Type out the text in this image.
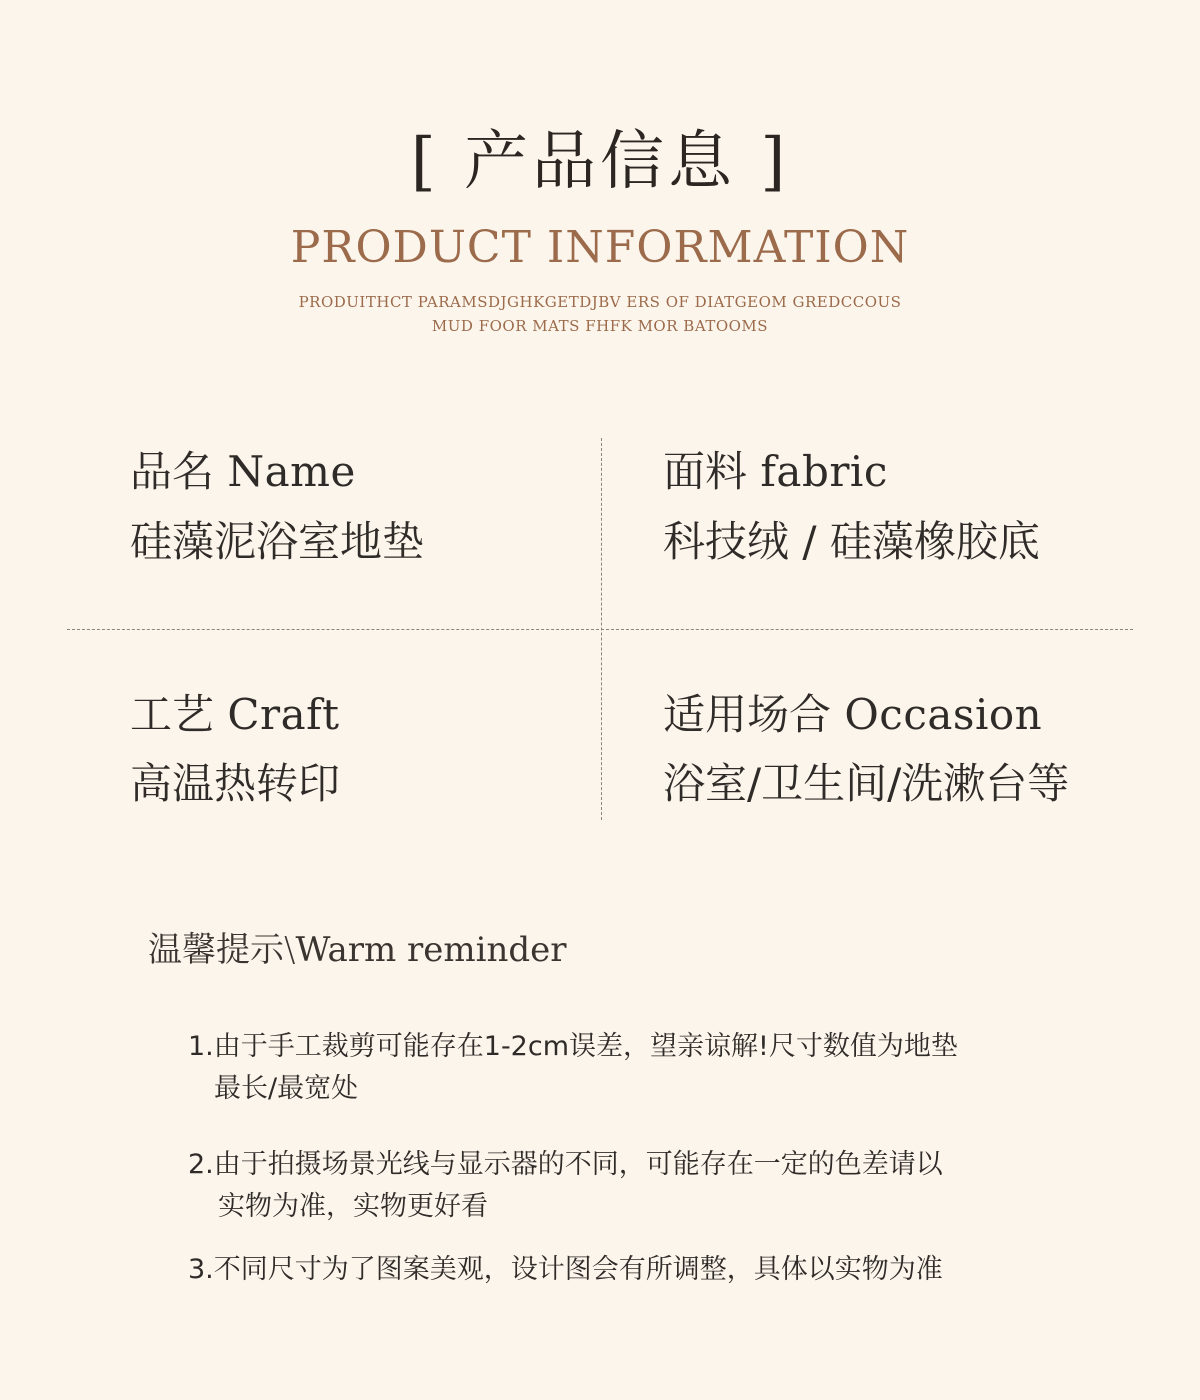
[ 产品信息 ]
PRODUCT INFORMATION
PRODUITHCT PARAMSDJGHKGETDJBV ERS OF DIATGEOM GREDCCOUS
MUD FOOR MATS FHFK MOR BATOOMS
品名 Name
硅藻泥浴室地垫
面料 fabric
科技绒 / 硅藻橡胶底
工艺 Craft
高温热转印
适用场合 Occasion
浴室/卫生间/洗漱台等
温馨提示\Warm reminder
1.由于手工裁剪可能存在1-2cm误差，望亲谅解!尺寸数值为地垫
最长/最宽处
2.由于拍摄场景光线与显示器的不同，可能存在一定的色差请以
实物为准，实物更好看
3.不同尺寸为了图案美观，设计图会有所调整，具体以实物为准
